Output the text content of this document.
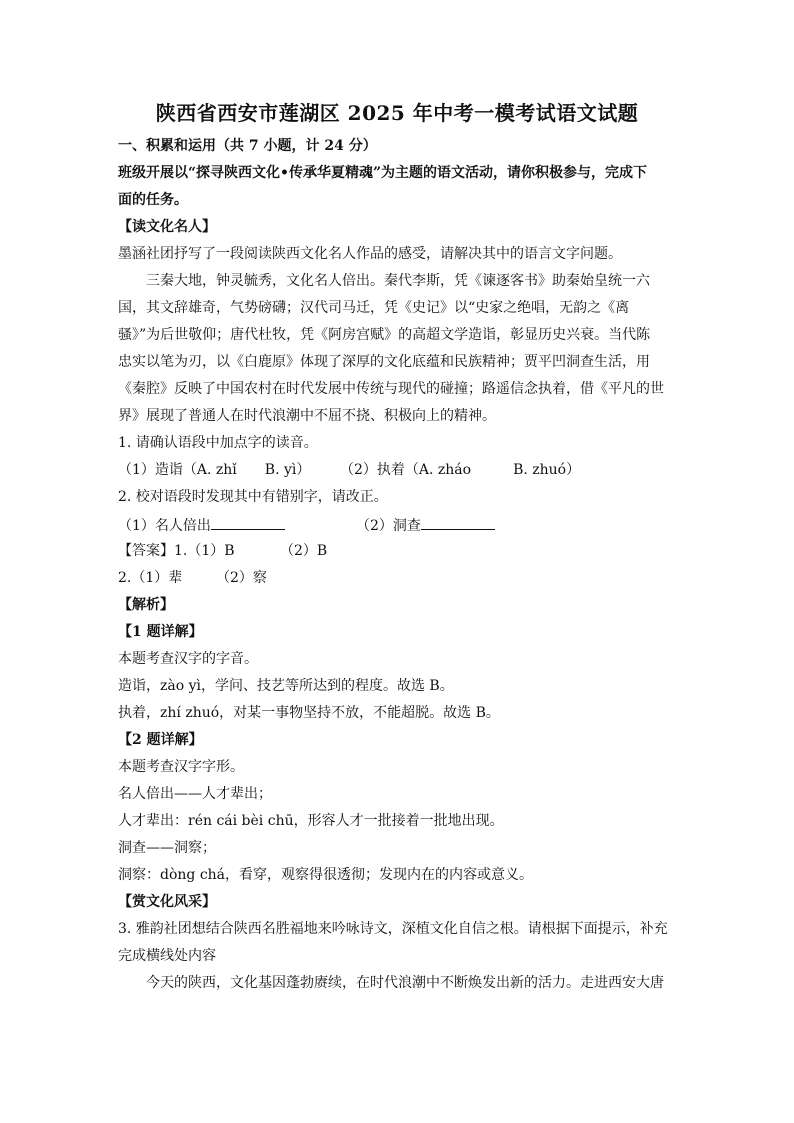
陕西省西安市莲湖区 2025 年中考一模考试语文试题
一、积累和运用（共 7 小题，计 24 分）
班级开展以“探寻陕西文化•传承华夏精魂”为主题的语文活动，请你积极参与，完成下
面的任务。
【读文化名人】
墨涵社团抒写了一段阅读陕西文化名人作品的感受，请解决其中的语言文字问题。
三秦大地，钟灵毓秀，文化名人倍出。秦代李斯，凭《谏逐客书》助秦始皇统一六
国，其文辞雄奇，气势磅礴；汉代司马迁，凭《史记》以“史家之绝唱，无韵之《离
骚》”为后世敬仰；唐代杜牧，凭《阿房宫赋》的高超文学造诣，彰显历史兴衰。当代陈
忠实以笔为刃，以《白鹿原》体现了深厚的文化底蕴和民族精神；贾平凹洞查生活，用
《秦腔》反映了中国农村在时代发展中传统与现代的碰撞；路遥信念执着，借《平凡的世
界》展现了普通人在时代浪潮中不屈不挠、积极向上的精神。
1. 请确认语段中加点字的读音。
（1）造诣（A. zhǐ　　B. yì） （2）执着（A. zháo　　　B. zhuó）
2. 校对语段时发现其中有错别字，请改正。
（1）名人倍出	（2）洞查
【答案】1.（1）B	（2）B
2.（1）辈 （2）察
【解析】
【1 题详解】
本题考查汉字的字音。
造诣，zào yì，学问、技艺等所达到的程度。故选 B。
执着，zhí zhuó，对某一事物坚持不放，不能超脱。故选 B。
【2 题详解】
本题考查汉字字形。
名人倍出——人才辈出；
人才辈出：rén cái bèi chū，形容人才一批接着一批地出现。
洞查——洞察；
洞察：dòng chá，看穿，观察得很透彻；发现内在的内容或意义。
【赏文化风采】
3. 雅韵社团想结合陕西名胜福地来吟咏诗文，深植文化自信之根。请根据下面提示，补充
完成横线处内容
今天的陕西，文化基因蓬勃赓续，在时代浪潮中不断焕发出新的活力。走进西安大唐
